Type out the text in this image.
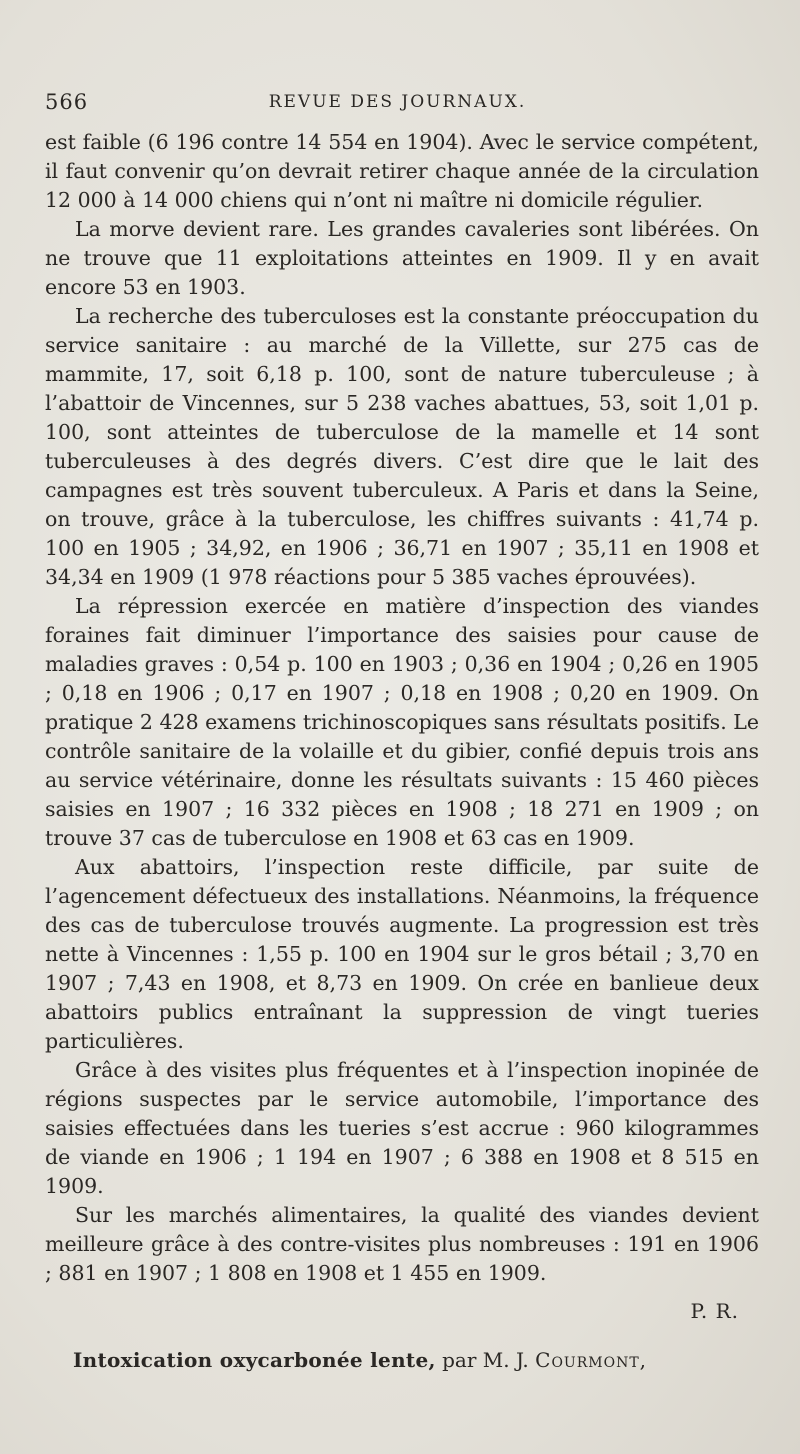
566	REVUE DES JOURNAUX.

est faible (6 196 contre 14 554 en 1904). Avec le service compétent, il faut convenir qu’on devrait retirer chaque année de la circulation 12 000 à 14 000 chiens qui n’ont ni maître ni domicile régulier.

La morve devient rare. Les grandes cavaleries sont libérées. On ne trouve que 11 exploitations atteintes en 1909. Il y en avait encore 53 en 1903.

La recherche des tuberculoses est la constante préoccupation du service sanitaire : au marché de la Villette, sur 275 cas de mammite, 17, soit 6,18 p. 100, sont de nature tuberculeuse ; à l’abattoir de Vincennes, sur 5 238 vaches abattues, 53, soit 1,01 p. 100, sont atteintes de tuberculose de la mamelle et 14 sont tuberculeuses à des degrés divers. C’est dire que le lait des campagnes est très souvent tuberculeux. A Paris et dans la Seine, on trouve, grâce à la tuberculose, les chiffres suivants : 41,74 p. 100 en 1905 ; 34,92, en 1906 ; 36,71 en 1907 ; 35,11 en 1908 et 34,34 en 1909 (1 978 réactions pour 5 385 vaches éprouvées).

La répression exercée en matière d’inspection des viandes foraines fait diminuer l’importance des saisies pour cause de maladies graves : 0,54 p. 100 en 1903 ; 0,36 en 1904 ; 0,26 en 1905 ; 0,18 en 1906 ; 0,17 en 1907 ; 0,18 en 1908 ; 0,20 en 1909. On pratique 2 428 examens trichinoscopiques sans résultats positifs. Le contrôle sanitaire de la volaille et du gibier, confié depuis trois ans au service vétérinaire, donne les résultats suivants : 15 460 pièces saisies en 1907 ; 16 332 pièces en 1908 ; 18 271 en 1909 ; on trouve 37 cas de tuberculose en 1908 et 63 cas en 1909.

Aux abattoirs, l’inspection reste difficile, par suite de l’agencement défectueux des installations. Néanmoins, la fréquence des cas de tuberculose trouvés augmente. La progression est très nette à Vincennes : 1,55 p. 100 en 1904 sur le gros bétail ; 3,70 en 1907 ; 7,43 en 1908, et 8,73 en 1909. On crée en banlieue deux abattoirs publics entraînant la suppression de vingt tueries particulières.

Grâce à des visites plus fréquentes et à l’inspection inopinée de régions suspectes par le service automobile, l’importance des saisies effectuées dans les tueries s’est accrue : 960 kilogrammes de viande en 1906 ; 1 194 en 1907 ; 6 388 en 1908 et 8 515 en 1909.

Sur les marchés alimentaires, la qualité des viandes devient meilleure grâce à des contre-visites plus nombreuses : 191 en 1906 ; 881 en 1907 ; 1 808 en 1908 et 1 455 en 1909.

P. R.
Intoxication oxycarbonée lente, par M. J. Courmont,
